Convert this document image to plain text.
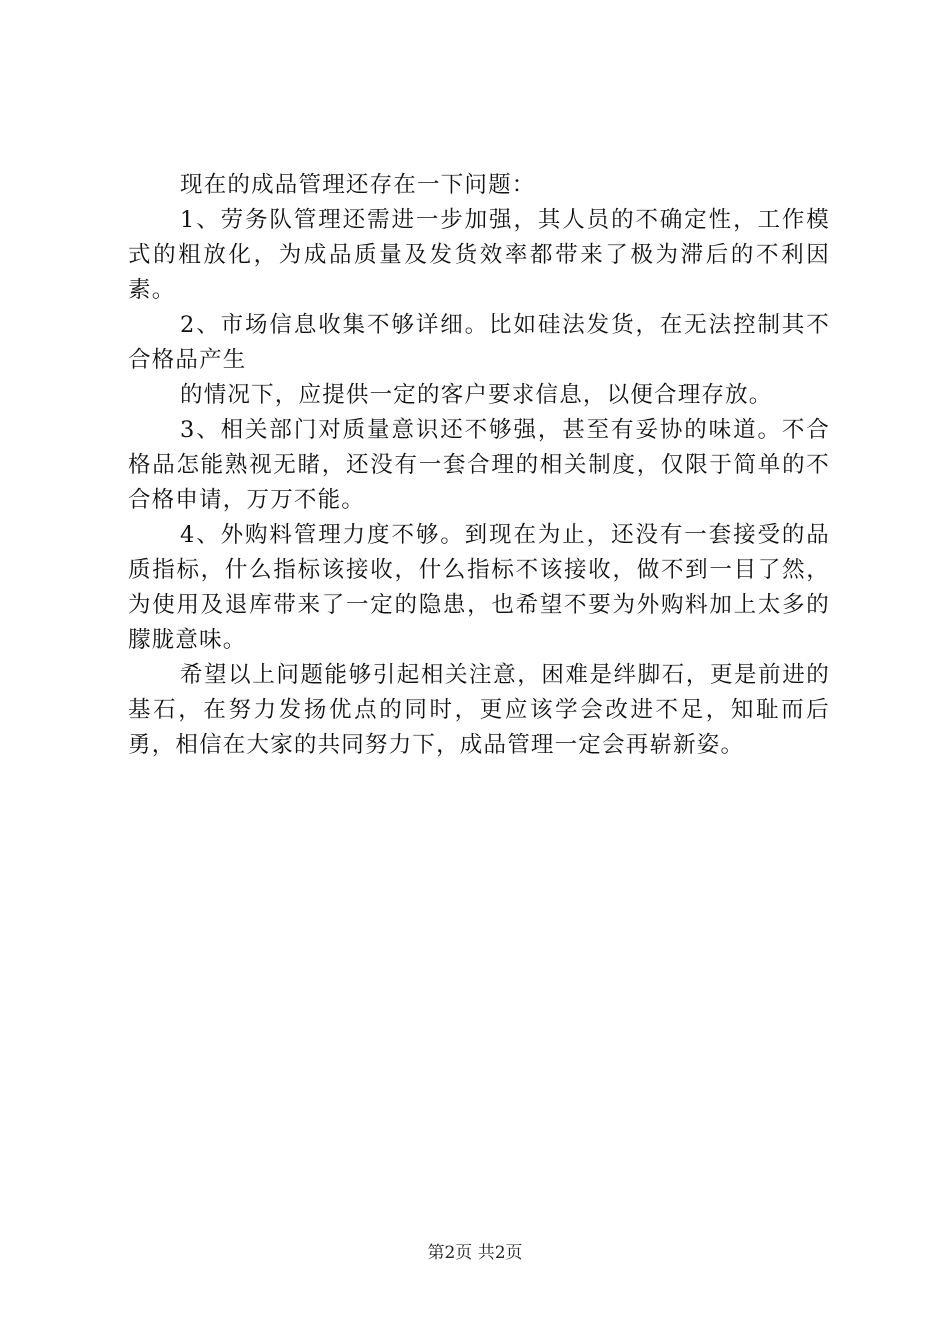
现在的成品管理还存在一下问题：

1、劳务队管理还需进一步加强，其人员的不确定性，工作模式的粗放化，为成品质量及发货效率都带来了极为滞后的不利因素。

2、市场信息收集不够详细。比如硅法发货，在无法控制其不合格品产生

的情况下，应提供一定的客户要求信息，以便合理存放。

3、相关部门对质量意识还不够强，甚至有妥协的味道。不合格品怎能熟视无睹，还没有一套合理的相关制度，仅限于简单的不合格申请，万万不能。

4、外购料管理力度不够。到现在为止，还没有一套接受的品质指标，什么指标该接收，什么指标不该接收，做不到一目了然，为使用及退库带来了一定的隐患，也希望不要为外购料加上太多的朦胧意味。

希望以上问题能够引起相关注意，困难是绊脚石，更是前进的基石，在努力发扬优点的同时，更应该学会改进不足，知耻而后勇，相信在大家的共同努力下，成品管理一定会再崭新姿。

第2页 共2页
